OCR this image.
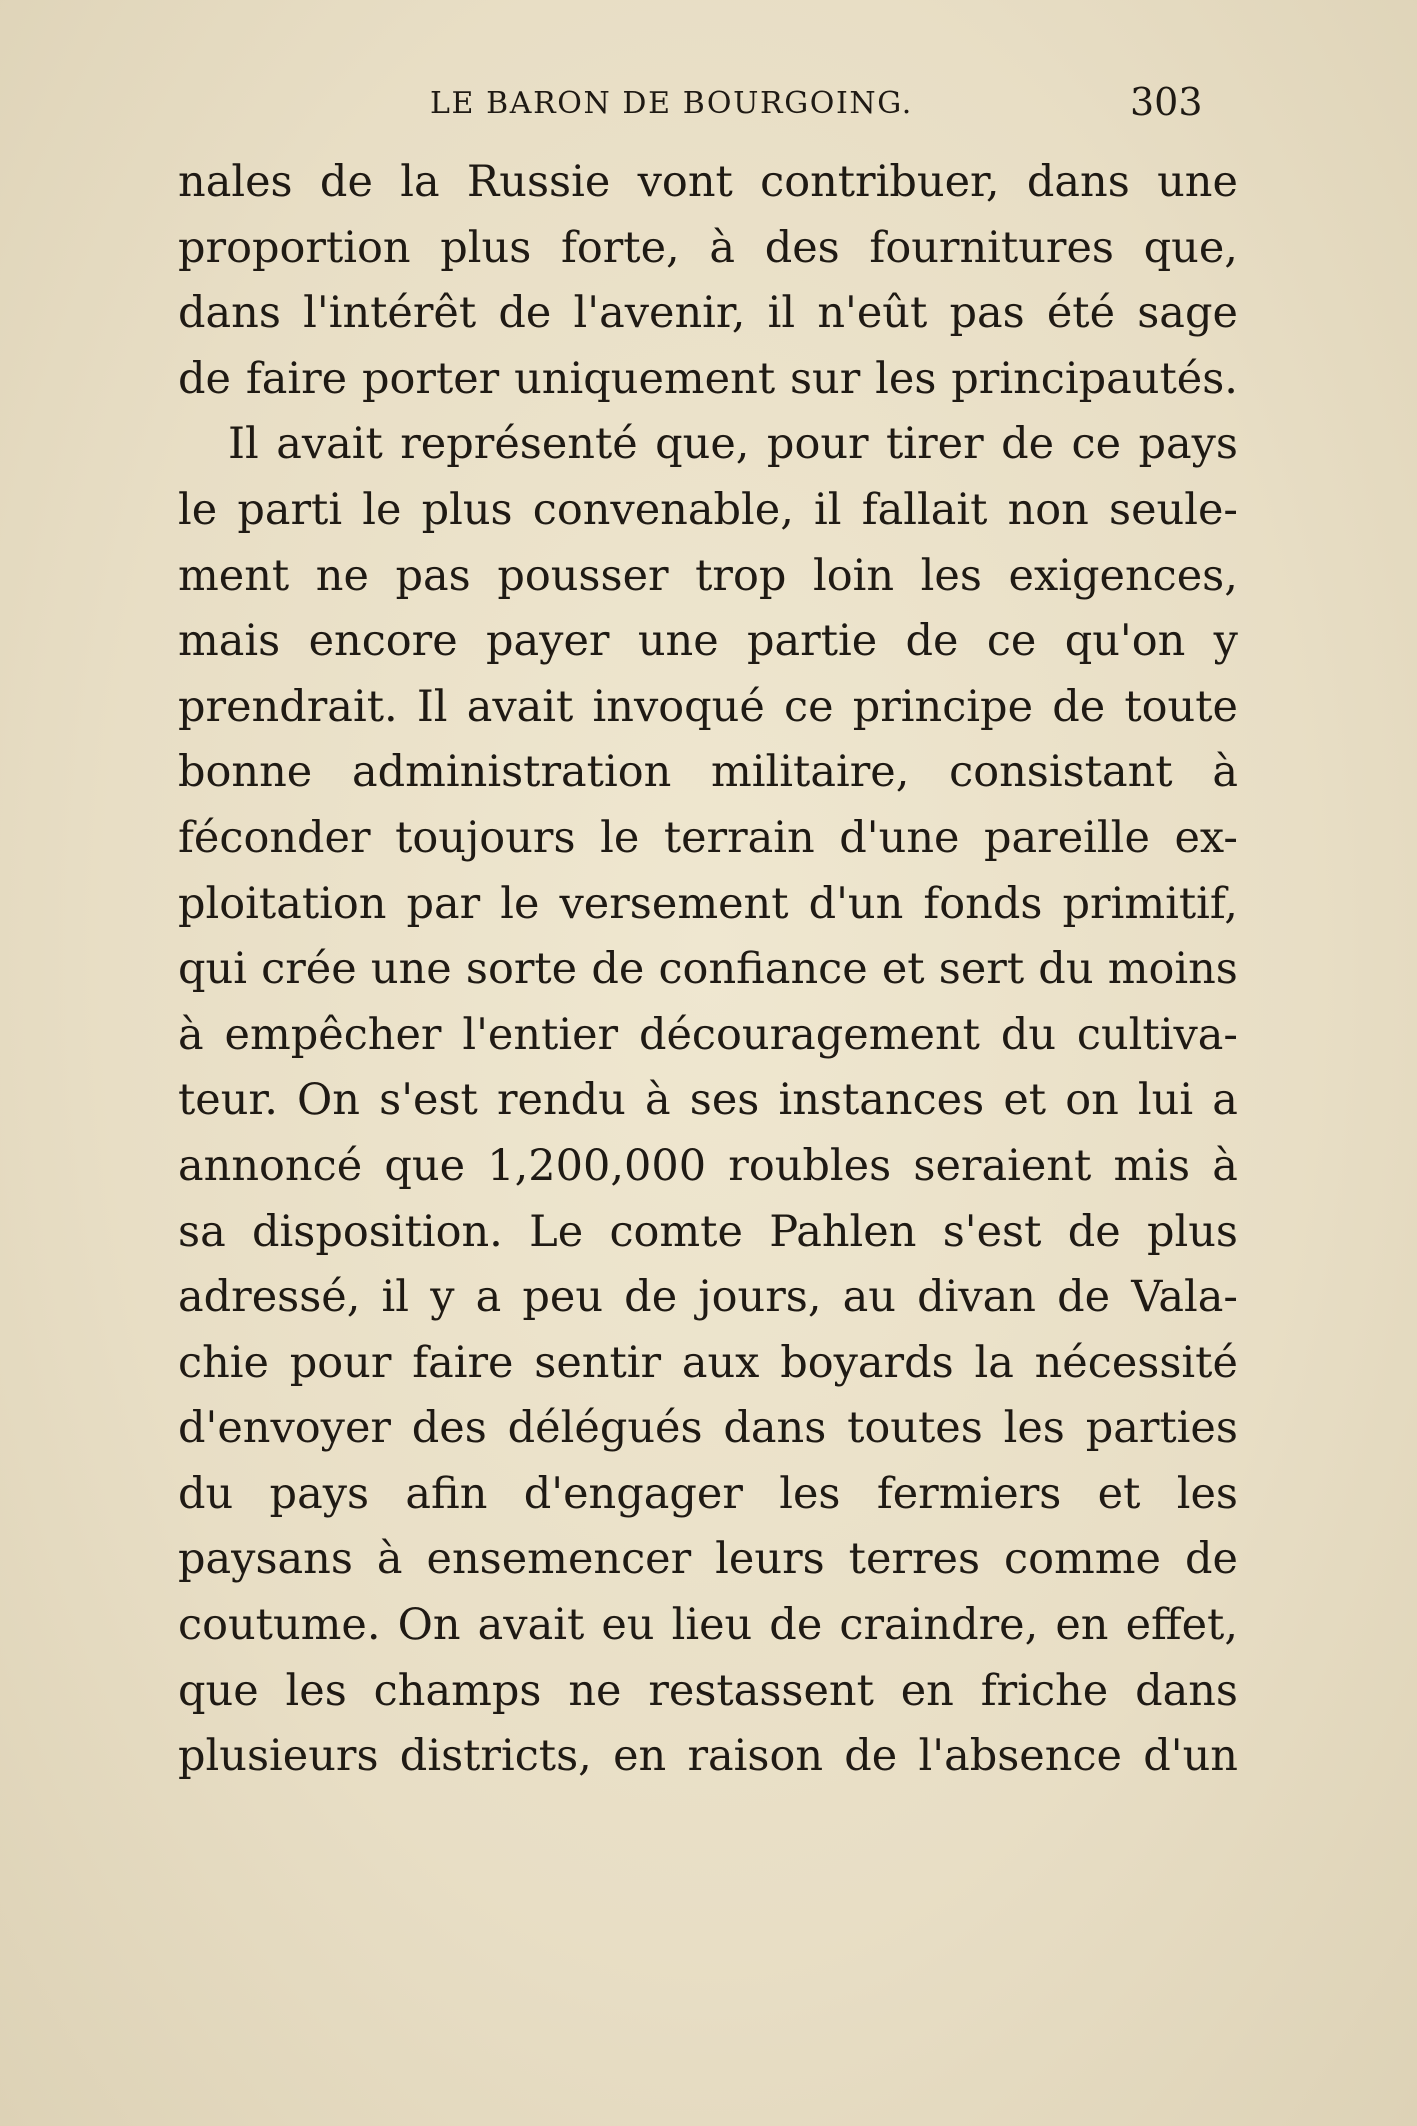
LE BARON DE BOURGOING.	303
nales de la Russie vont contribuer, dans une
proportion plus forte, à des fournitures que,
dans l'intérêt de l'avenir, il n'eût pas été sage
de faire porter uniquement sur les principautés.
Il avait représenté que, pour tirer de ce pays
le parti le plus convenable, il fallait non seule-
ment ne pas pousser trop loin les exigences,
mais encore payer une partie de ce qu'on y
prendrait. Il avait invoqué ce principe de toute
bonne administration militaire, consistant à
féconder toujours le terrain d'une pareille ex-
ploitation par le versement d'un fonds primitif,
qui crée une sorte de confiance et sert du moins
à empêcher l'entier découragement du cultiva-
teur. On s'est rendu à ses instances et on lui a
annoncé que 1,200,000 roubles seraient mis à
sa disposition. Le comte Pahlen s'est de plus
adressé, il y a peu de jours, au divan de Vala-
chie pour faire sentir aux boyards la nécessité
d'envoyer des délégués dans toutes les parties
du pays afin d'engager les fermiers et les
paysans à ensemencer leurs terres comme de
coutume. On avait eu lieu de craindre, en effet,
que les champs ne restassent en friche dans
plusieurs districts, en raison de l'absence d'un
